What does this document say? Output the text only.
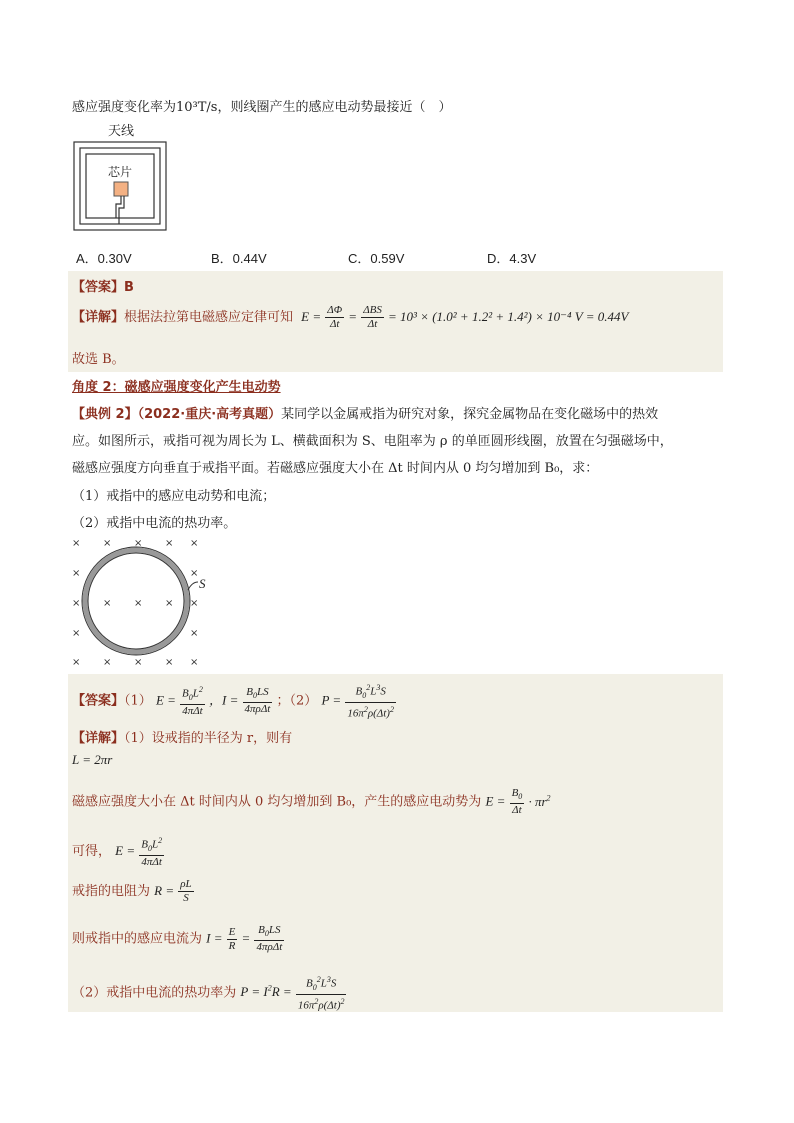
感应强度变化率为10³T/s，则线圈产生的感应电动势最接近（　）
天线
芯片
A．0.30V	B．0.44V	C．0.59V	D．4.3V
【答案】B
【详解】根据法拉第电磁感应定律可知 $E = \frac{\Delta\Phi}{\Delta t} = \frac{\text{ΔBS}}{\Delta t} = 10^3 \times (1.0^2 + 1.2^2 + 1.4^2) \times 10^{-4}$ V = 0.44V
故选 B。
角度 2：磁感应强度变化产生电动势
【典例 2】（2022·重庆·高考真题）某同学以金属戒指为研究对象，探究金属物品在变化磁场中的热效
应。如图所示，戒指可视为周长为 L、横截面积为 S、电阻率为 ρ 的单匝圆形线圈，放置在匀强磁场中，
磁感应强度方向垂直于戒指平面。若磁感应强度大小在 Δt 时间内从 0 均匀增加到 B₀，求：
（1）戒指中的感应电动势和电流；
（2）戒指中电流的热功率。
× × × × ×
×	×
× × × × ×
×	×
× × × × ×
S
【答案】（1） $E = \frac{B_0L^2}{\text{4πΔt}}$ ，$I = \frac{B_0LS}{\text{4πρΔt}}$ ；（2） $P = \frac{B_0^2L^3S}{16\pi^2\rho(\Delta t)^2}$
【详解】（1）设戒指的半径为 r，则有
L = 2πr
磁感应强度大小在 Δt 时间内从 0 均匀增加到 B₀，产生的感应电动势为 $E = \frac{B_0}{\Delta t} \cdot \pi r^2$
可得， $E = \frac{B_0L^2}{\text{4πΔt}}$
戒指的电阻为 $R = \frac{\rho L}{S}$
则戒指中的感应电流为 $I = \frac{E}{R} = \frac{B_0LS}{\text{4πρΔt}}$
（2）戒指中电流的热功率为 $P = I^2R = \frac{B_0^2L^3S}{16\pi^2\rho(\Delta t)^2}$
